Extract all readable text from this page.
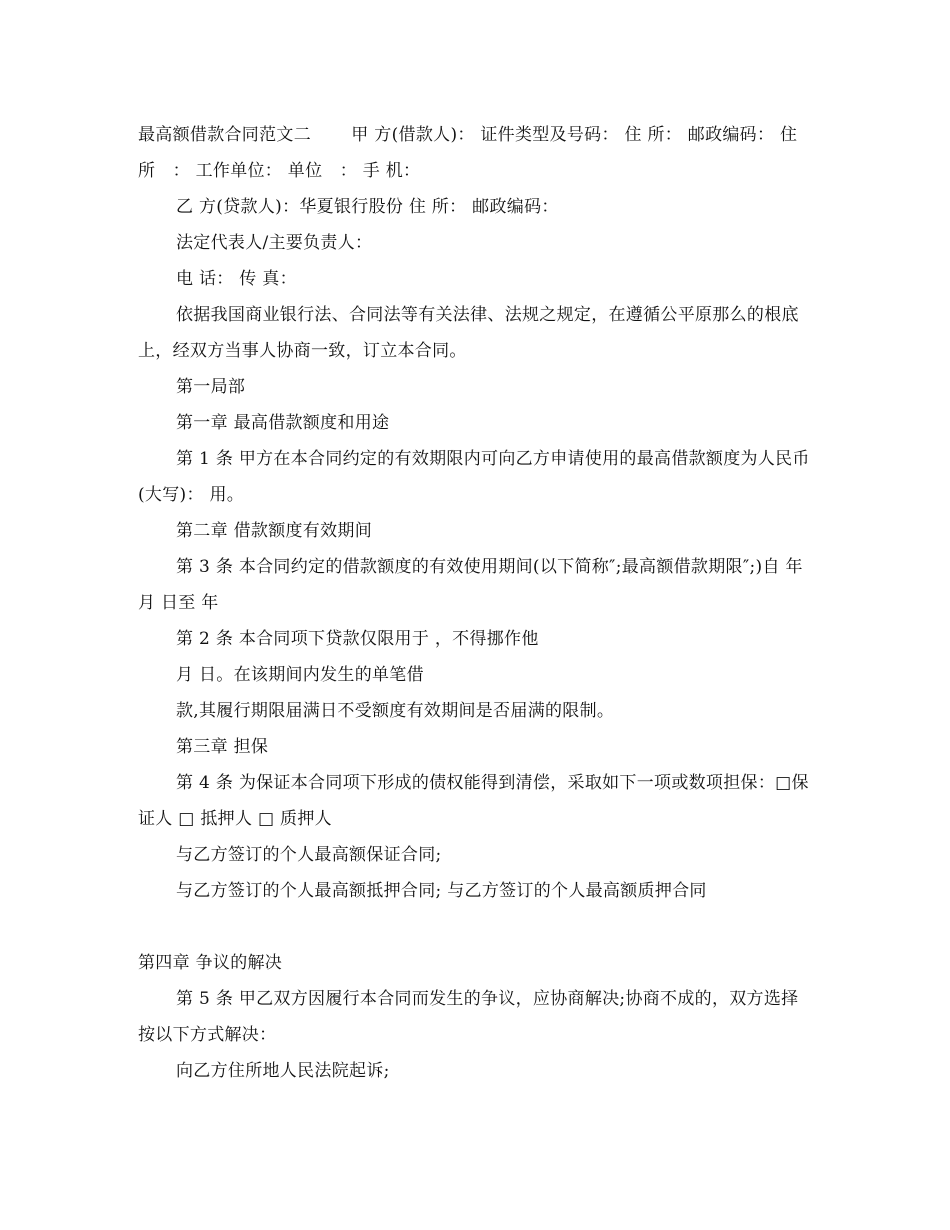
最高额借款合同范文二　　 甲 方(借款人)： 证件类型及号码： 住 所： 邮政编码： 住所　： 工作单位： 单位　： 手 机：

乙 方(贷款人)：华夏银行股份 住 所： 邮政编码：

法定代表人/主要负责人：

电 话： 传 真：

依据我国商业银行法、合同法等有关法律、法规之规定，在遵循公平原那么的根底上，经双方当事人协商一致，订立本合同。

第一局部

第一章 最高借款额度和用途

第 1 条 甲方在本合同约定的有效期限内可向乙方申请使用的最高借款额度为人民币(大写)： 用。

第二章 借款额度有效期间

第 3 条 本合同约定的借款额度的有效使用期间(以下简称″;最高额借款期限″;)自 年 月 日至 年

第 2 条 本合同项下贷款仅限用于 ，不得挪作他

月 日。在该期间内发生的单笔借

款,其履行期限届满日不受额度有效期间是否届满的限制。

第三章 担保

第 4 条 为保证本合同项下形成的债权能得到清偿，采取如下一项或数项担保：□保证人 □ 抵押人 □ 质押人

与乙方签订的个人最高额保证合同;

与乙方签订的个人最高额抵押合同; 与乙方签订的个人最高额质押合同

第四章 争议的解决

第 5 条 甲乙双方因履行本合同而发生的争议，应协商解决;协商不成的，双方选择按以下方式解决：

向乙方住所地人民法院起诉;
